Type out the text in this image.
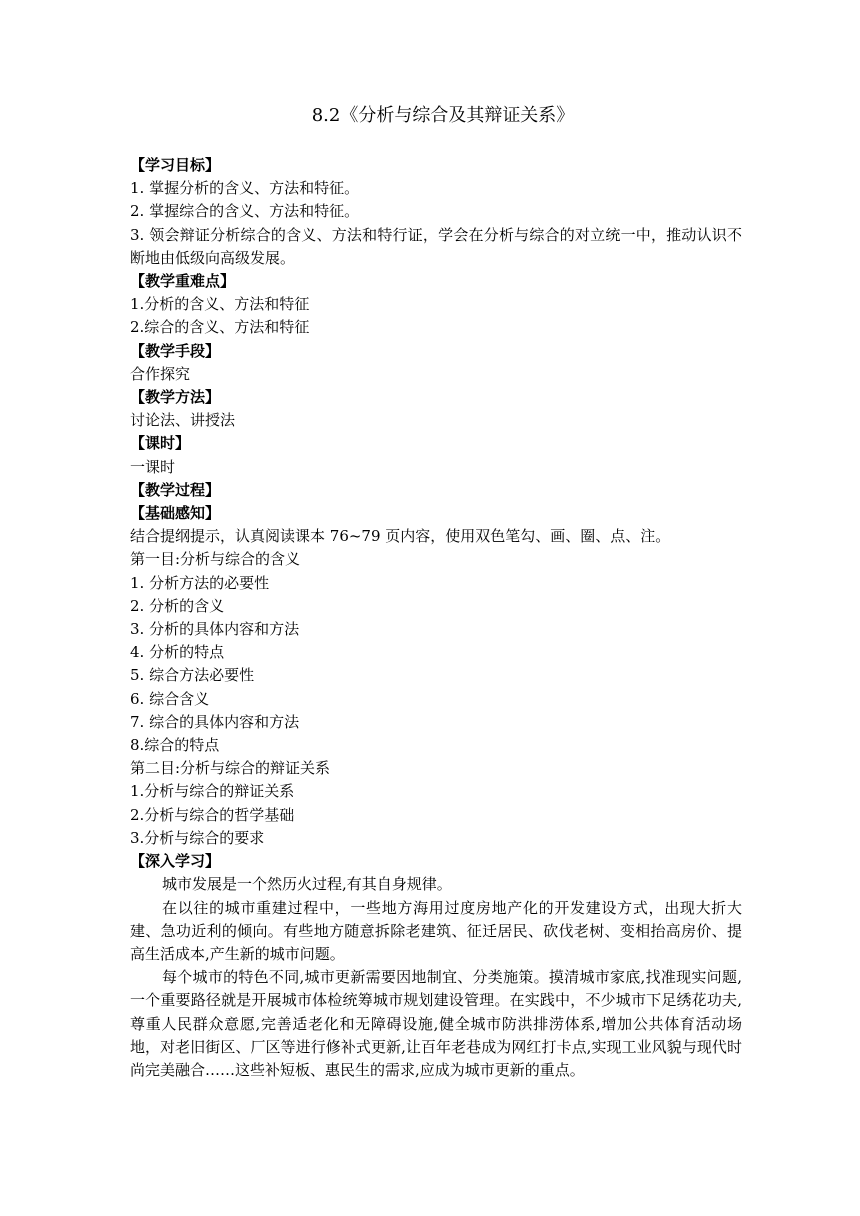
8.2《分析与综合及其辩证关系》

【学习目标】

1. 掌握分析的含义、方法和特征。

2. 掌握综合的含义、方法和特征。

3. 领会辩证分析综合的含义、方法和特行证，学会在分析与综合的对立统一中，推动认识不断地由低级向高级发展。

【教学重难点】

1.分析的含义、方法和特征

2.综合的含义、方法和特征

【教学手段】

合作探究

【教学方法】

讨论法、讲授法

【课时】

一课时

【教学过程】

【基础感知】

结合提纲提示，认真阅读课本 76~79 页内容，使用双色笔勾、画、圈、点、注。

第一目:分析与综合的含义

1. 分析方法的必要性

2. 分析的含义

3. 分析的具体内容和方法

4. 分析的特点

5. 综合方法必要性

6. 综合含义

7. 综合的具体内容和方法

8.综合的特点

第二目:分析与综合的辩证关系

1.分析与综合的辩证关系

2.分析与综合的哲学基础

3.分析与综合的要求

【深入学习】

城市发展是一个然历火过程,有其自身规律。

在以往的城市重建过程中，一些地方海用过度房地产化的开发建设方式，出现大折大建、急功近利的倾向。有些地方随意拆除老建筑、征迁居民、砍伐老树、变相抬高房价、提高生活成本,产生新的城市问题。

每个城市的特色不同,城市更新需要因地制宜、分类施策。摸清城市家底,找准现实问题,一个重要路径就是开展城市体检统筹城市规划建设管理。在实践中，不少城市下足绣花功夫,尊重人民群众意愿,完善适老化和无障碍设施,健全城市防洪排涝体系,增加公共体育活动场地，对老旧街区、厂区等进行修补式更新,让百年老巷成为网红打卡点,实现工业风貌与现代时尚完美融合……这些补短板、惠民生的需求,应成为城市更新的重点。
